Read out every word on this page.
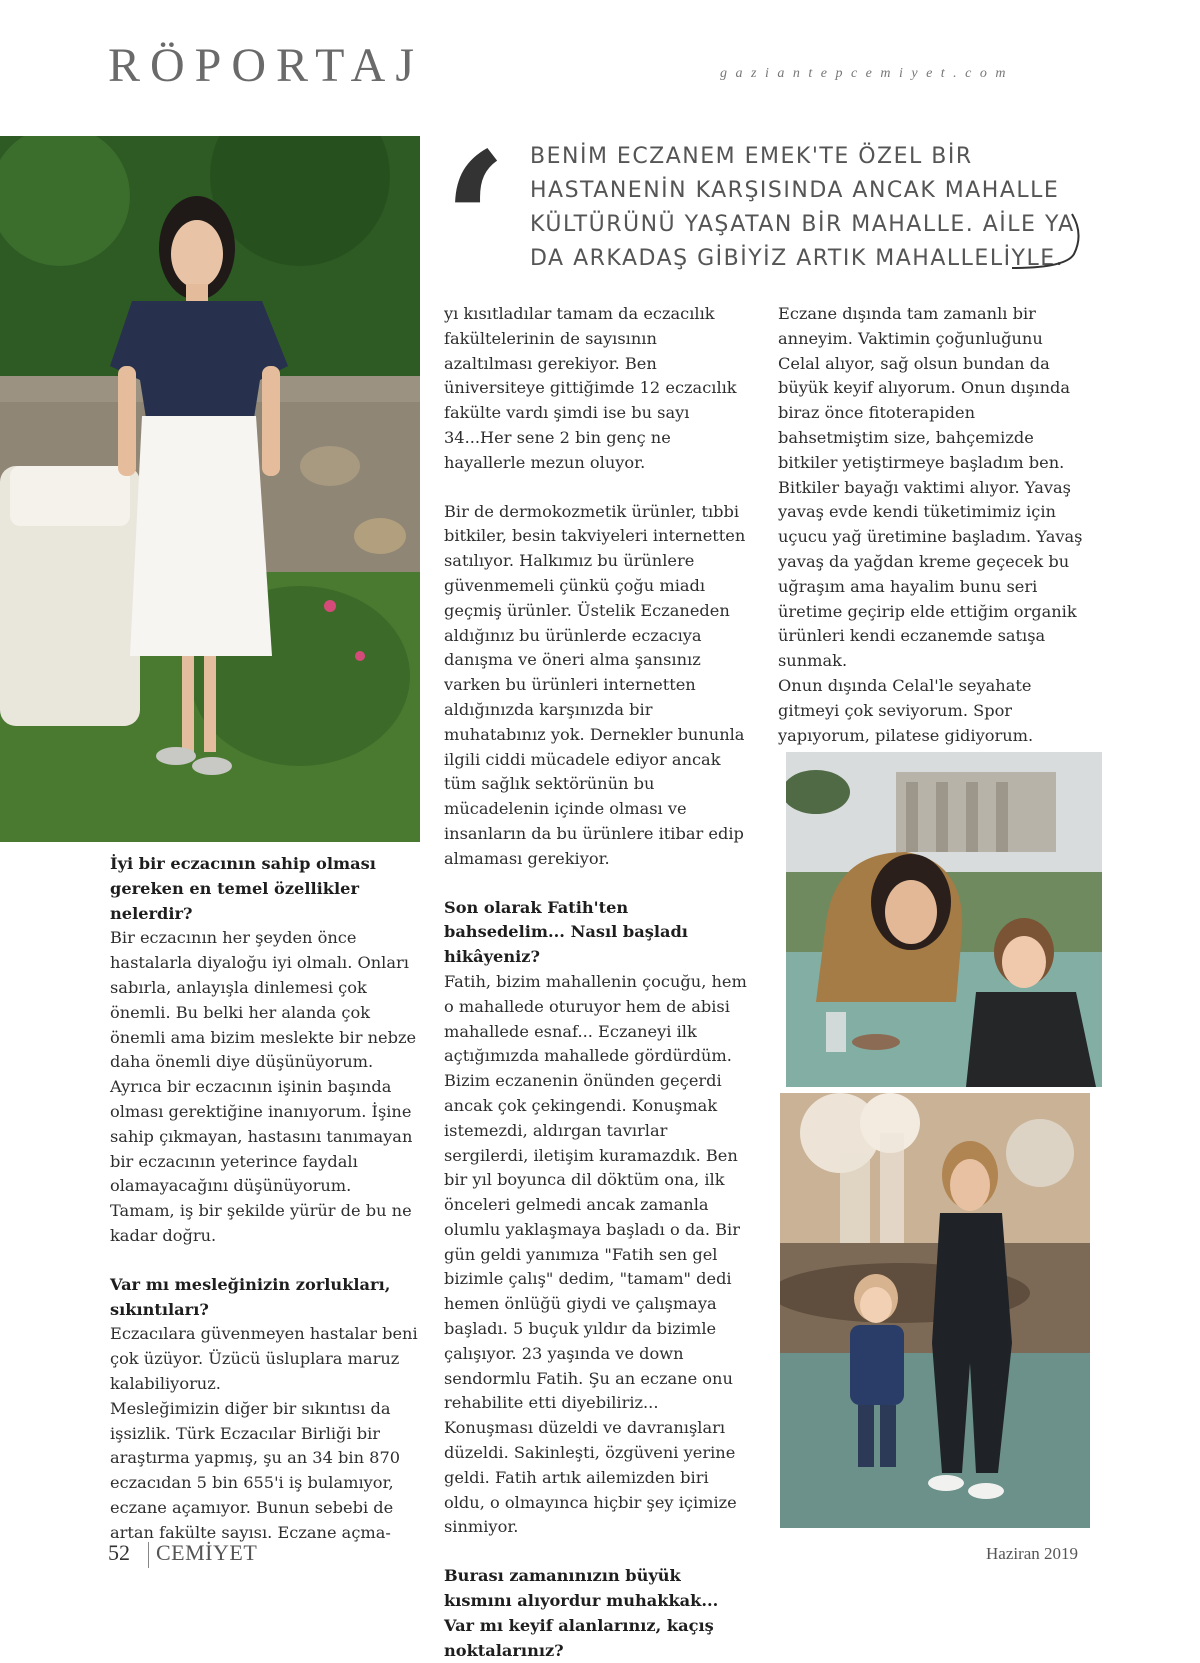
RÖPORTAJ	gaziantepcemiyet.com
‘ BENİM ECZANEM EMEK'TE ÖZEL BİR HASTANENİN KARŞISINDA ANCAK MAHALLE KÜLTÜRÜNÜ YAŞATAN BİR MAHALLE. AİLE YA DA ARKADAŞ GİBİYİZ ARTIK MAHALLELİYLE.

İyi bir eczacının sahip olması gereken en temel özellikler nelerdir?

Bir eczacının her şeyden önce hastalarla diyaloğu iyi olmalı. Onları sabırla, anlayışla dinlemesi çok önemli. Bu belki her alanda çok önemli ama bizim meslekte bir nebze daha önemli diye düşünüyorum.

Ayrıca bir eczacının işinin başında olması gerektiğine inanıyorum. İşine sahip çıkmayan, hastasını tanımayan bir eczacının yeterince faydalı olamayacağını düşünüyorum. Tamam, iş bir şekilde yürür de bu ne kadar doğru.

Var mı mesleğinizin zorlukları, sıkıntıları?

Eczacılara güvenmeyen hastalar beni çok üzüyor. Üzücü üsluplara maruz kalabiliyoruz.

Mesleğimizin diğer bir sıkıntısı da işsizlik. Türk Eczacılar Birliği bir araştırma yapmış, şu an 34 bin 870 eczacıdan 5 bin 655'i iş bulamıyor, eczane açamıyor. Bunun sebebi de artan fakülte sayısı. Eczane açma-

yı kısıtladılar tamam da eczacılık fakültelerinin de sayısının azaltılması gerekiyor. Ben üniversiteye gittiğimde 12 eczacılık fakülte vardı şimdi ise bu sayı 34...Her sene 2 bin genç ne hayallerle mezun oluyor.

Bir de dermokozmetik ürünler, tıbbi bitkiler, besin takviyeleri internetten satılıyor. Halkımız bu ürünlere güvenmemeli çünkü çoğu miadı geçmiş ürünler. Üstelik Eczaneden aldığınız bu ürünlerde eczacıya danışma ve öneri alma şansınız varken bu ürünleri internetten aldığınızda karşınızda bir muhatabınız yok. Dernekler bununla ilgili ciddi mücadele ediyor ancak tüm sağlık sektörünün bu mücadelenin içinde olması ve insanların da bu ürünlere itibar edip almaması gerekiyor.

Son olarak Fatih'ten bahsedelim... Nasıl başladı hikâyeniz?

Fatih, bizim mahallenin çocuğu, hem o mahallede oturuyor hem de abisi mahallede esnaf... Eczaneyi ilk açtığımızda mahallede gördürdüm. Bizim eczanenin önünden geçerdi ancak çok çekingendi. Konuşmak istemezdi, aldırgan tavırlar sergilerdi, iletişim kuramazdık. Ben bir yıl boyunca dil döktüm ona, ilk önceleri gelmedi ancak zamanla olumlu yaklaşmaya başladı o da. Bir gün geldi yanımıza "Fatih sen gel bizimle çalış" dedim, "tamam" dedi hemen önlüğü giydi ve çalışmaya başladı. 5 buçuk yıldır da bizimle çalışıyor. 23 yaşında ve down sendormlu Fatih. Şu an eczane onu rehabilite etti diyebiliriz... Konuşması düzeldi ve davranışları düzeldi. Sakinleşti, özgüveni yerine geldi. Fatih artık ailemizden biri oldu, o olmayınca hiçbir şey içimize sinmiyor.

Burası zamanınızın büyük kısmını alıyordur muhakkak... Var mı keyif alanlarınız, kaçış noktalarınız?

Eczane dışında tam zamanlı bir anneyim. Vaktimin çoğunluğunu Celal alıyor, sağ olsun bundan da büyük keyif alıyorum. Onun dışında biraz önce fitoterapiden bahsetmiştim size, bahçemizde bitkiler yetiştirmeye başladım ben. Bitkiler bayağı vaktimi alıyor. Yavaş yavaş evde kendi tüketimimiz için uçucu yağ üretimine başladım. Yavaş yavaş da yağdan kreme geçecek bu uğraşım ama hayalim bunu seri üretime geçirip elde ettiğim organik ürünleri kendi eczanemde satışa sunmak.

Onun dışında Celal'le seyahate gitmeyi çok seviyorum. Spor yapıyorum, pilatese gidiyorum.

52 CEMİYET	Haziran 2019
